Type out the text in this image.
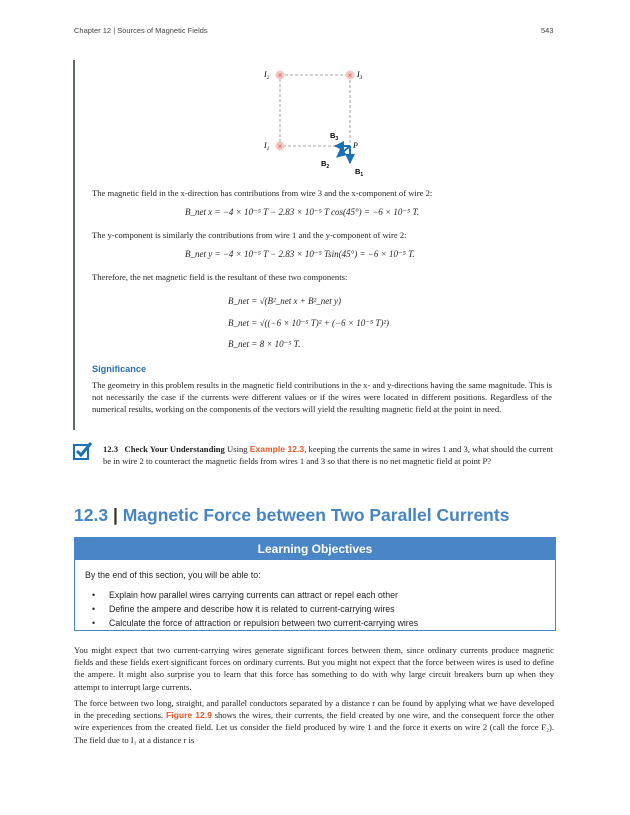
Chapter 12 | Sources of Magnetic Fields	543
×	×
×
$I_2$	$I_3$
$I_1$	P
$B_3$
$B_2$	$B_1$
The magnetic field in the x-direction has contributions from wire 3 and the x-component of wire 2:
B_net x = −4 × 10⁻⁵ T − 2.83 × 10⁻⁵ T cos(45°) = −6 × 10⁻⁵ T.
The y-component is similarly the contributions from wire 1 and the y-component of wire 2:
B_net y = −4 × 10⁻⁵ T − 2.83 × 10⁻⁵ Tsin(45°) = −6 × 10⁻⁵ T.
Therefore, the net magnetic field is the resultant of these two components:
B_net = √(B²_net x + B²_net y)
B_net = √((−6 × 10⁻⁵ T)² + (−6 × 10⁻⁵ T)²)
B_net = 8 × 10⁻⁵ T.
Significance
The geometry in this problem results in the magnetic field contributions in the x- and y-directions having the same magnitude. This is not necessarily the case if the currents were different values or if the wires were located in different positions. Regardless of the numerical results, working on the components of the vectors will yield the resulting magnetic field at the point in need.
12.3 Check Your Understanding Using Example 12.3, keeping the currents the same in wires 1 and 3, what should the current be in wire 2 to counteract the magnetic fields from wires 1 and 3 so that there is no net magnetic field at point P?
12.3 | Magnetic Force between Two Parallel Currents
Learning Objectives
By the end of this section, you will be able to:
• Explain how parallel wires carrying currents can attract or repel each other
• Define the ampere and describe how it is related to current-carrying wires
• Calculate the force of attraction or repulsion between two current-carrying wires
You might expect that two current-carrying wires generate significant forces between them, since ordinary currents produce magnetic fields and these fields exert significant forces on ordinary currents. But you might not expect that the force between wires is used to define the ampere. It might also surprise you to learn that this force has something to do with why large circuit breakers burn up when they attempt to interrupt large currents.
The force between two long, straight, and parallel conductors separated by a distance r can be found by applying what we have developed in the preceding sections. Figure 12.9 shows the wires, their currents, the field created by one wire, and the consequent force the other wire experiences from the created field. Let us consider the field produced by wire 1 and the force it exerts on wire 2 (call the force F₂). The field due to I₁ at a distance r is
